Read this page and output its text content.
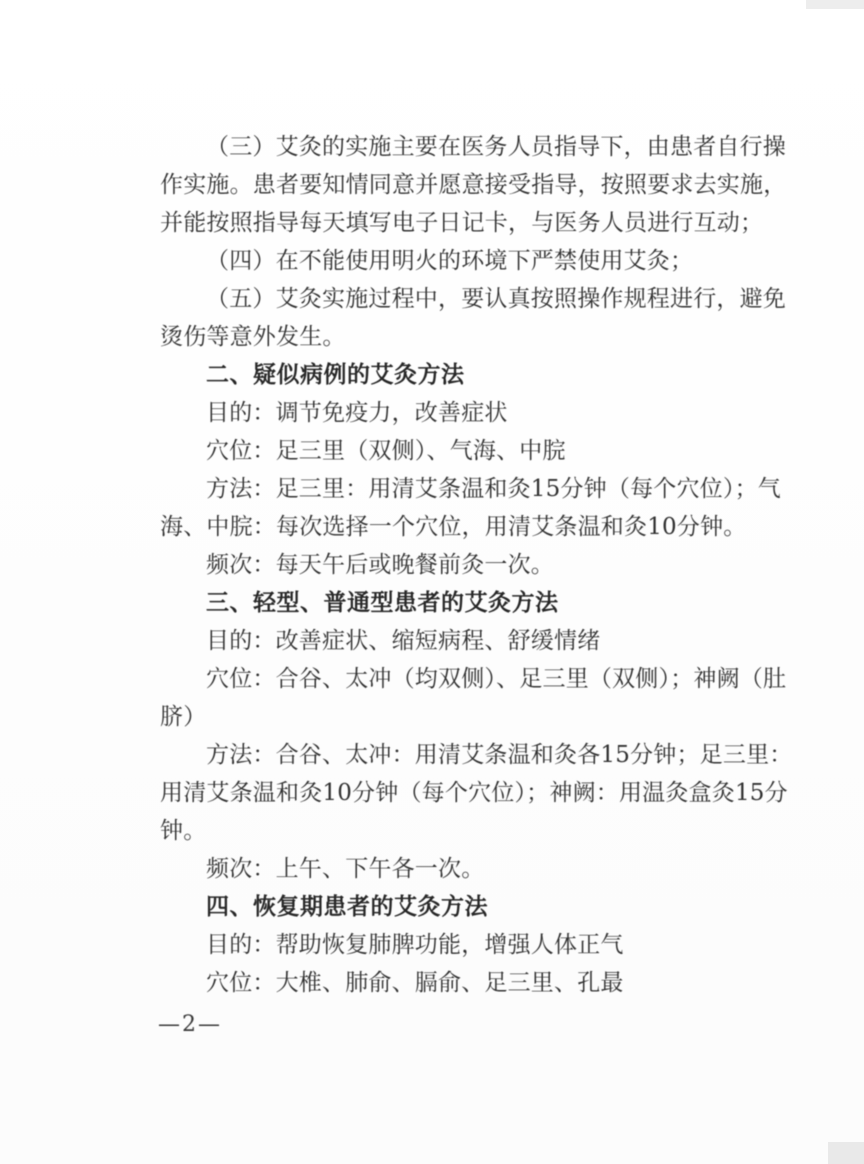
（三）艾灸的实施主要在医务人员指导下，由患者自行操
作实施。患者要知情同意并愿意接受指导，按照要求去实施，
并能按照指导每天填写电子日记卡，与医务人员进行互动；
（四）在不能使用明火的环境下严禁使用艾灸；
（五）艾灸实施过程中，要认真按照操作规程进行，避免
烫伤等意外发生。
二、疑似病例的艾灸方法
目的：调节免疫力，改善症状
穴位：足三里（双侧）、气海、中脘
方法：足三里：用清艾条温和灸15分钟（每个穴位）；气
海、中脘：每次选择一个穴位，用清艾条温和灸10分钟。
频次：每天午后或晚餐前灸一次。
三、轻型、普通型患者的艾灸方法
目的：改善症状、缩短病程、舒缓情绪
穴位：合谷、太冲（均双侧）、足三里（双侧）；神阙（肚
脐）
方法：合谷、太冲：用清艾条温和灸各15分钟；足三里：
用清艾条温和灸10分钟（每个穴位）；神阙：用温灸盒灸15分
钟。
频次：上午、下午各一次。
四、恢复期患者的艾灸方法
目的：帮助恢复肺脾功能，增强人体正气
穴位：大椎、肺俞、膈俞、足三里、孔最
—2—
